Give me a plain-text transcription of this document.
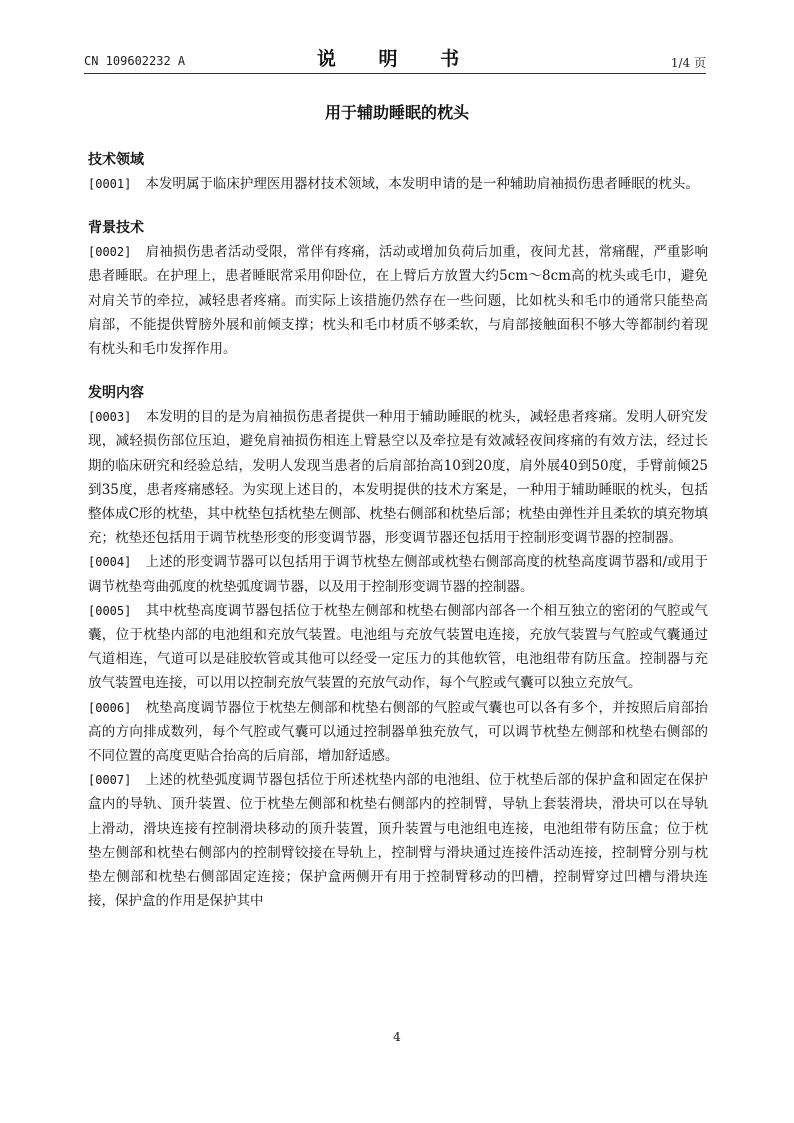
CN 109602232 A	说 明 书	1/4 页
用于辅助睡眠的枕头
技术领域

[0001] 本发明属于临床护理医用器材技术领域，本发明申请的是一种辅助肩袖损伤患者睡眠的枕头。

背景技术

[0002] 肩袖损伤患者活动受限，常伴有疼痛，活动或增加负荷后加重，夜间尤甚，常痛醒，严重影响患者睡眠。在护理上，患者睡眠常采用仰卧位，在上臂后方放置大约5cm～8cm高的枕头或毛巾，避免对肩关节的牵拉，减轻患者疼痛。而实际上该措施仍然存在一些问题，比如枕头和毛巾的通常只能垫高肩部，不能提供臂膀外展和前倾支撑；枕头和毛巾材质不够柔软，与肩部接触面积不够大等都制约着现有枕头和毛巾发挥作用。

发明内容

[0003] 本发明的目的是为肩袖损伤患者提供一种用于辅助睡眠的枕头，减轻患者疼痛。发明人研究发现，减轻损伤部位压迫，避免肩袖损伤相连上臂悬空以及牵拉是有效减轻夜间疼痛的有效方法，经过长期的临床研究和经验总结，发明人发现当患者的后肩部抬高10到20度，肩外展40到50度，手臂前倾25到35度，患者疼痛感轻。为实现上述目的，本发明提供的技术方案是，一种用于辅助睡眠的枕头，包括整体成C形的枕垫，其中枕垫包括枕垫左侧部、枕垫右侧部和枕垫后部；枕垫由弹性并且柔软的填充物填充；枕垫还包括用于调节枕垫形变的形变调节器，形变调节器还包括用于控制形变调节器的控制器。

[0004] 上述的形变调节器可以包括用于调节枕垫左侧部或枕垫右侧部高度的枕垫高度调节器和/或用于调节枕垫弯曲弧度的枕垫弧度调节器，以及用于控制形变调节器的控制器。

[0005] 其中枕垫高度调节器包括位于枕垫左侧部和枕垫右侧部内部各一个相互独立的密闭的气腔或气囊，位于枕垫内部的电池组和充放气装置。电池组与充放气装置电连接，充放气装置与气腔或气囊通过气道相连，气道可以是硅胶软管或其他可以经受一定压力的其他软管，电池组带有防压盒。控制器与充放气装置电连接，可以用以控制充放气装置的充放气动作，每个气腔或气囊可以独立充放气。

[0006] 枕垫高度调节器位于枕垫左侧部和枕垫右侧部的气腔或气囊也可以各有多个，并按照后肩部抬高的方向排成数列，每个气腔或气囊可以通过控制器单独充放气，可以调节枕垫左侧部和枕垫右侧部的不同位置的高度更贴合抬高的后肩部，增加舒适感。

[0007] 上述的枕垫弧度调节器包括位于所述枕垫内部的电池组、位于枕垫后部的保护盒和固定在保护盒内的导轨、顶升装置、位于枕垫左侧部和枕垫右侧部内的控制臂，导轨上套装滑块，滑块可以在导轨上滑动，滑块连接有控制滑块移动的顶升装置，顶升装置与电池组电连接，电池组带有防压盒；位于枕垫左侧部和枕垫右侧部内的控制臂铰接在导轨上，控制臂与滑块通过连接件活动连接，控制臂分别与枕垫左侧部和枕垫右侧部固定连接；保护盒两侧开有用于控制臂移动的凹槽，控制臂穿过凹槽与滑块连接，保护盒的作用是保护其中

4
